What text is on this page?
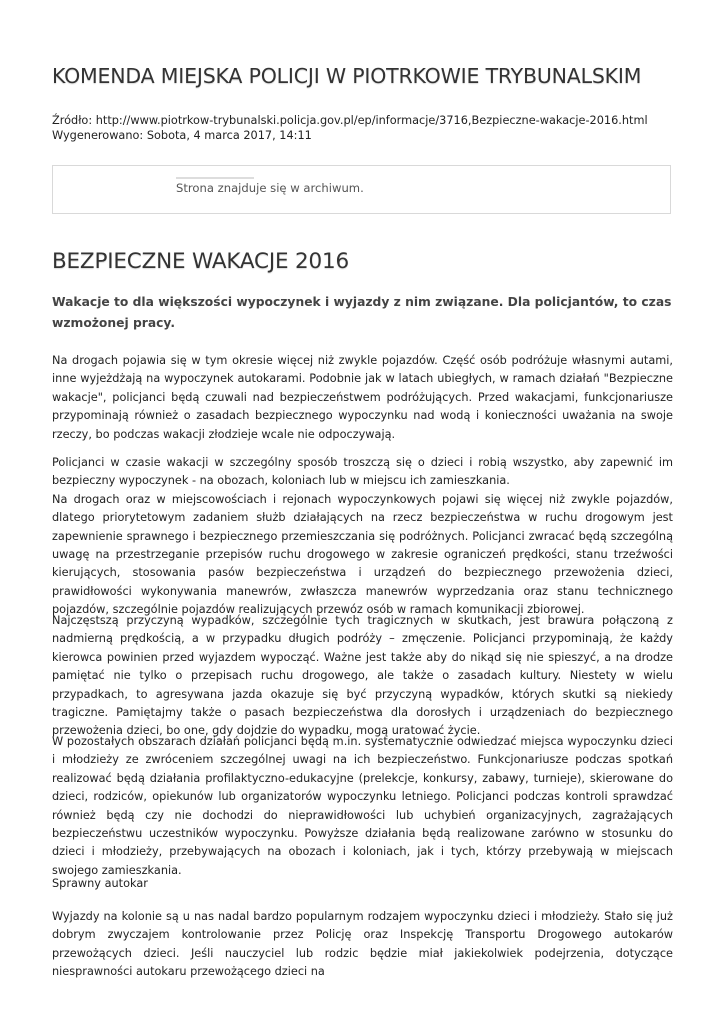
KOMENDA MIEJSKA POLICJI W PIOTRKOWIE TRYBUNALSKIM
Źródło: http://www.piotrkow-trybunalski.policja.gov.pl/ep/informacje/3716,Bezpieczne-wakacje-2016.html
Wygenerowano: Sobota, 4 marca 2017, 14:11
Strona znajduje się w archiwum.
BEZPIECZNE WAKACJE 2016

Wakacje to dla większości wypoczynek i wyjazdy z nim związane. Dla policjantów, to czas wzmożonej pracy.

Na drogach pojawia się w tym okresie więcej niż zwykle pojazdów. Część osób podróżuje własnymi autami, inne wyjeżdżają na wypoczynek autokarami. Podobnie jak w latach ubiegłych, w ramach działań "Bezpieczne wakacje", policjanci będą czuwali nad bezpieczeństwem podróżujących. Przed wakacjami, funkcjonariusze przypominają również o zasadach bezpiecznego wypoczynku nad wodą i konieczności uważania na swoje rzeczy, bo podczas wakacji złodzieje wcale nie odpoczywają.

Policjanci w czasie wakacji w szczególny sposób troszczą się o dzieci i robią wszystko, aby zapewnić im bezpieczny wypoczynek - na obozach, koloniach lub w miejscu ich zamieszkania.
Na drogach oraz w miejscowościach i rejonach wypoczynkowych pojawi się więcej niż zwykle pojazdów, dlatego priorytetowym zadaniem służb działających na rzecz bezpieczeństwa w ruchu drogowym jest zapewnienie sprawnego i bezpiecznego przemieszczania się podróżnych. Policjanci zwracać będą szczególną uwagę na przestrzeganie przepisów ruchu drogowego w zakresie ograniczeń prędkości, stanu trzeźwości kierujących, stosowania pasów bezpieczeństwa i urządzeń do bezpiecznego przewożenia dzieci, prawidłowości wykonywania manewrów, zwłaszcza manewrów wyprzedzania oraz stanu technicznego pojazdów, szczególnie pojazdów realizujących przewóz osób w ramach komunikacji zbiorowej.

Najczęstszą przyczyną wypadków, szczególnie tych tragicznych w skutkach, jest brawura połączoną z nadmierną prędkością, a w przypadku długich podróży – zmęczenie. Policjanci przypominają, że każdy kierowca powinien przed wyjazdem wypocząć. Ważne jest także aby do nikąd się nie spieszyć, a na drodze pamiętać nie tylko o przepisach ruchu drogowego, ale także o zasadach kultury. Niestety w wielu przypadkach, to agresywana jazda okazuje się być przyczyną wypadków, których skutki są niekiedy tragiczne. Pamiętajmy także o pasach bezpieczeństwa dla dorosłych i urządzeniach do bezpiecznego przewożenia dzieci, bo one, gdy dojdzie do wypadku, mogą uratować życie.

W pozostałych obszarach działań policjanci będą m.in. systematycznie odwiedzać miejsca wypoczynku dzieci i młodzieży ze zwróceniem szczególnej uwagi na ich bezpieczeństwo. Funkcjonariusze podczas spotkań realizować będą działania profilaktyczno-edukacyjne (prelekcje, konkursy, zabawy, turnieje), skierowane do dzieci, rodziców, opiekunów lub organizatorów wypoczynku letniego. Policjanci podczas kontroli sprawdzać również będą czy nie dochodzi do nieprawidłowości lub uchybień organizacyjnych, zagrażających bezpieczeństwu uczestników wypoczynku. Powyższe działania będą realizowane zarówno w stosunku do dzieci i młodzieży, przebywających na obozach i koloniach, jak i tych, którzy przebywają w miejscach swojego zamieszkania.

Sprawny autokar

Wyjazdy na kolonie są u nas nadal bardzo popularnym rodzajem wypoczynku dzieci i młodzieży. Stało się już dobrym zwyczajem kontrolowanie przez Policję oraz Inspekcję Transportu Drogowego autokarów przewożących dzieci. Jeśli nauczyciel lub rodzic będzie miał jakiekolwiek podejrzenia, dotyczące niesprawności autokaru przewożącego dzieci na
